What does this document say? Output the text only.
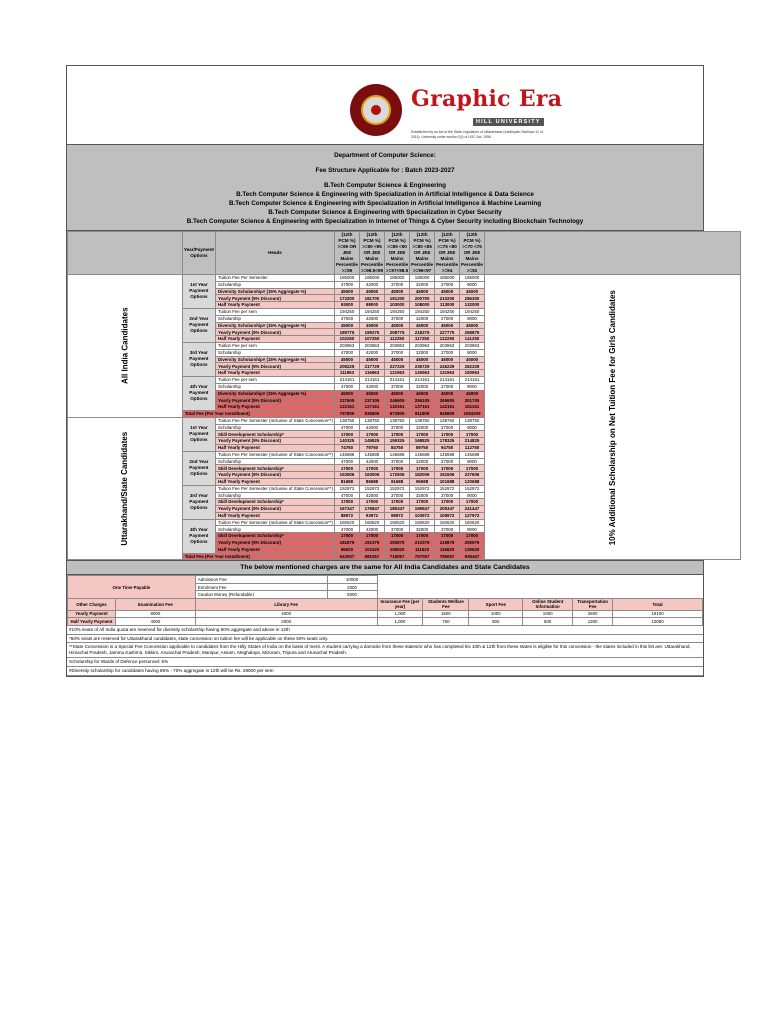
Graphic Era
HILL UNIVERSITY
Established by an Act of the State Legislature of Uttarakhand (Adhiniyam Sankhya 12 of 2011); University under section 2(f) of UGC Act, 1956.
Department of Computer Science:
Fee Structure Applicable for : Batch 2023-2027
B.Tech Computer Science & Engineering
B.Tech Computer Science & Engineering with Specialization in Artificial Intelligence & Data Science
B.Tech Computer Science & Engineering with Specialization in Artificial Intelligence & Machine Learning
B.Tech Computer Science & Engineering with Specialization in Cyber Security
B.Tech Computer Science & Engineering with Specialization in Internet of Things & Cyber Security including Blockchain Technology
	Year/Payment Options	Heads	(12th PCM %) >=95 OR JEE Mains Percentile >=99	(12th PCM %) >=90 <95 OR JEE Mains Percentile >=98.5<99	(12th PCM %) >=85 <90 OR JEE Mains Percentile >=97<98.5	(12th PCM %) >=80 <85 OR JEE Mains Percentile >=96<97	(12th PCM %) >=75 <80 OR JEE Mains Percentile >=94	(12th PCM %) >=70 <75 OR JEE Mains Percentile >=92	
All India Candidates	1st Year
Payment Options	Tuition Fee Per Semester	185000	185000	185000	185000	185000	185000	10% Additional Scholarship on Net Tuition Fee for Girls Candidates
		Scholarship	47000	42000	37000	32000	27000	9000	
		Diversity Scholarship# (15% Aggregate %)	45000	45000	45000	45000	45000	45000	
		Yearly Payment (5% Discount)	173200	181700	191200	200700	210200	286300	
		Half Yearly Payment	93000	98000	103000	108000	113000	132000	

	2nd Year
Payment Options	Tuition Fee per sem	194250	194250	194250	194250	194250	194250	
		Scholarship	47000	42000	37000	32000	27000	9000	
		Diversity Scholarship# (15% Aggregate %)	45000	45000	45000	45000	45000	45000	
		Yearly Payment (5% Discount)	189775	199275	208775	218275	227775	268875	
		Half Yearly Payment	102250	107250	112250	117250	122250	141250	

	3rd Year
Payment Options	Tuition Fee per sem	203963	203963	203963	203963	203963	203963	
		Scholarship	47000	42000	37000	32000	27000	9000	
		Diversity Scholarship# (15% Aggregate %)	45000	45000	45000	45000	45000	45000	
		Yearly Payment (5% Discount)	208229	217729	227229	236729	246229	282329	
		Half Yearly Payment	111963	116963	121963	126963	131963	150963	

	4th Year
Payment Options	Tuition Fee per sem	214161	214161	214161	214161	214161	214161	
		Scholarship	47000	42000	37000	32000	27000	9000	
		Diversity Scholarship# (15% Aggregate %)	45000	45000	45000	45000	45000	45000	
		Yearly Payment (5% Discount)	227605	237105	246605	256105	265605	301705	
		Half Yearly Payment	122161	127161	132161	137161	142161	161161	
	Total Fee (Per Year Installment)		797809	835809	873809	911809	949809	1094209	
Uttarakhand/State Candidates	1st Year
Payment Options	Tuition Fee Per Semester (Inclusive of State Concession**)	138750	138750	138750	138750	138750	138750	
		Scholarship	47000	42000	37000	32000	27000	9000	
		Skill Development Scholarship*	17000	17000	17000	17000	17000	17000	
		Yearly Payment (5% Discount)	140325	149825	159325	168825	178325	214825	
		Half Yearly Payment	74750	79750	84750	89750	94750	112750	

	2nd Year
Payment Options	Tuition Fee Per Semester (Inclusive of State Concession**)	145688	145688	145688	145688	145688	145688	
		Scholarship	47000	42000	37000	32000	27000	9000	
		Skill Development Scholarship*	17000	17000	17000	17000	17000	17000	
		Yearly Payment (5% Discount)	153506	163006	172506	182006	191506	227606	
		Half Yearly Payment	81688	86688	91688	96688	101688	120688	

	3rd Year
Payment Options	Tuition Fee Per Semester (Inclusive of State Concession**)	152972	152972	152972	152972	152972	152972	
		Scholarship	47000	42000	37000	32000	27000	9000	
		Skill Development Scholarship*	17000	17000	17000	17000	17000	17000	
		Yearly Payment (5% Discount)	167347	176847	186347	195847	205347	241447	
		Half Yearly Payment	88972	93972	98972	103972	108972	127972	

	4th Year
Payment Options	Tuition Fee Per Semester (Inclusive of State Concession**)	160620	160620	160620	160620	160620	160620	
		Scholarship	47000	42000	37000	32000	27000	9000	
		Skill Development Scholarship*	17000	17000	17000	17000	17000	17000	
		Yearly Payment (5% Discount)	181879	191379	200879	210379	219879	255979	
		Half Yearly Payment	96620	101620	106620	111620	116620	135620	
	Total Fee (Per Year Installment)		643057	681057	719057	757057	795057	939457	
The below mentioned charges are the same for All India Candidates and State Candidates
One Time Payable		Admission Fee	10000						
		Enrolment Fee	2000						
		Caution Money (Refundable)	5000						
Other Charges	Examination Fee	Library Fee		Insurance Fee (per year)	Students Welfare Fee	Sport Fee	Online Student Information	Transportation Fee	Total
Yearly Payment	8000	4000		1,000	1500	1000	1000	2600	19100
Half Yearly Payment	4000	2000		1,000	750	500	500	1300	10050
#10% seats of All India quota are reserved for diversity scholarship having 60% aggregate and above in 12th
*50% seats are reserved for Uttarakhand candidates, state concession on tuition fee will be applicable on these 50% seats only.
**State Concession is a Special Fee Concession applicable to candidates from the Hilly States of India on the basis of merit. A student carrying a domicile from these states/or who has completed his 10th & 12th from these states is eligible for this concession - the states included in this list are: Uttarakhand, Himachal Pradesh, Jammu Kashmir, Sikkim, Arunachal Pradesh, Manipur, Assam, Meghalaya, Mizoram, Tripura and Arunachal Pradesh.
Scholarship for Wards of Defence personnel: 5%
#Diversity scholarship for candidates having 65% - 70% aggregate in 12th will be Rs. 28000 per sem
